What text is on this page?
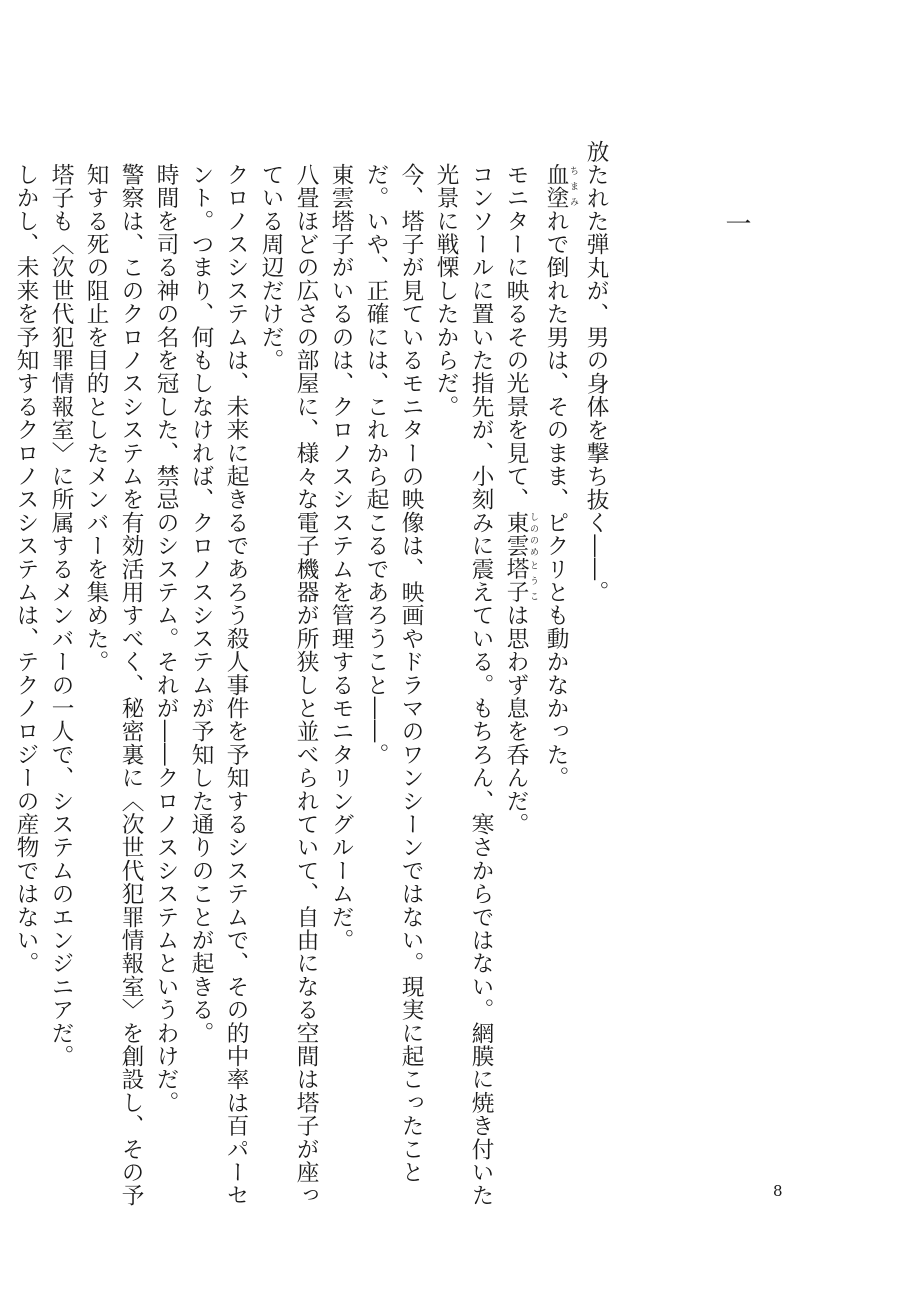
一

放たれた弾丸が、男の身体を撃ち抜く――。
血塗 ちまみれで倒れた男は、そのまま、ピクリとも動かなかった。
モニターに映るその光景を見て、東雲 しののめ塔子 とうこは思わず息を呑んだ。
コンソールに置いた指先が、小刻みに震えている。もちろん、寒さからではない。網膜に焼き付いた光景に戦慄したからだ。
今、塔子が見ているモニターの映像は、映画やドラマのワンシーンではない。現実に起こったことだ。いや、正確には、これから起こるであろうこと――。
東雲塔子がいるのは、クロノスシステムを管理するモニタリングルームだ。
八畳ほどの広さの部屋に、様々な電子機器が所狭しと並べられていて、自由になる空間は塔子が座っている周辺だけだ。
クロノスシステムは、未来に起きるであろう殺人事件を予知するシステムで、その的中率は百パーセント。つまり、何もしなければ、クロノスシステムが予知した通りのことが起きる。
時間を司る神の名を冠した、禁忌のシステム。それが――クロノスシステムというわけだ。
警察は、このクロノスシステムを有効活用すべく、秘密裏に〈次世代犯罪情報室〉を創設し、その予知する死の阻止を目的としたメンバーを集めた。
塔子も〈次世代犯罪情報室〉に所属するメンバーの一人で、システムのエンジニアだ。
しかし、未来を予知するクロノスシステムは、テクノロジーの産物ではない。

8
